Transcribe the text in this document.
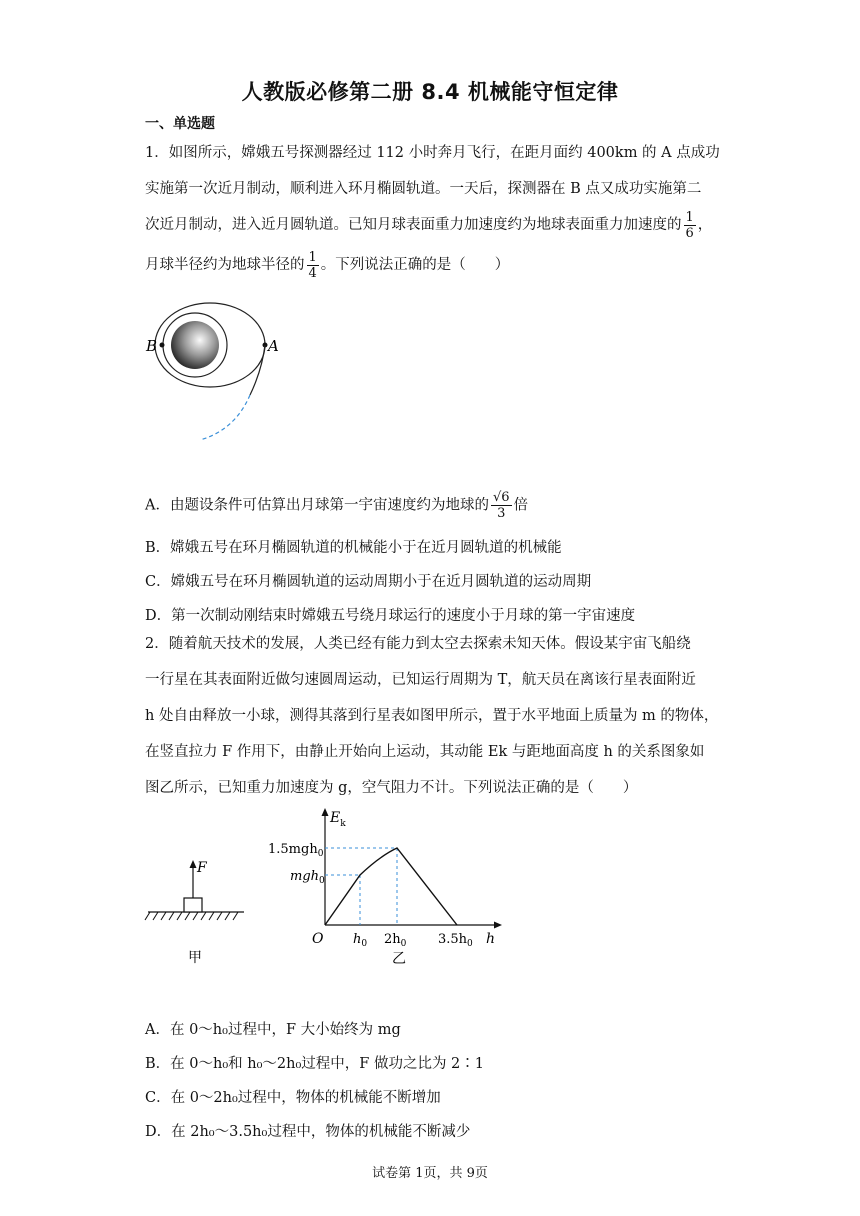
人教版必修第二册 8.4 机械能守恒定律
一、单选题
1．如图所示，嫦娥五号探测器经过 112 小时奔月飞行，在距月面约 400km 的 A 点成功
实施第一次近月制动，顺利进入环月椭圆轨道。一天后，探测器在 B 点又成功实施第二
次近月制动，进入近月圆轨道。已知月球表面重力加速度约为地球表面重力加速度的 $\frac{1}{6}$ ，
月球半径约为地球半径的 $\frac{1}{4}$ 。下列说法正确的是（　　）
B	A
A．由题设条件可估算出月球第一宇宙速度约为地球的 $\frac{√6}{3}$ 倍
B．嫦娥五号在环月椭圆轨道的机械能小于在近月圆轨道的机械能
C．嫦娥五号在环月椭圆轨道的运动周期小于在近月圆轨道的运动周期
D．第一次制动刚结束时嫦娥五号绕月球运行的速度小于月球的第一宇宙速度
2．随着航天技术的发展，人类已经有能力到太空去探索未知天体。假设某宇宙飞船绕
一行星在其表面附近做匀速圆周运动，已知运行周期为 T，航天员在离该行星表面附近
h 处自由释放一小球，测得其落到行星表如图甲所示，置于水平地面上质量为 m 的物体，
在竖直拉力 F 作用下，由静止开始向上运动，其动能 Ek 与距地面高度 h 的关系图象如
图乙所示，已知重力加速度为 g，空气阻力不计。下列说法正确的是（　　）
F
甲
$E_k$
h
O
1.5mgh$_0$
mgh$_0$
$h_0$ $2h_0$ $3.5h_0$
乙
A．在 0～h₀过程中，F 大小始终为 mg
B．在 0～h₀和 h₀～2h₀过程中，F 做功之比为 2∶1
C．在 0～2h₀过程中，物体的机械能不断增加
D．在 2h₀～3.5h₀过程中，物体的机械能不断减少
试卷第 1页，共 9页
